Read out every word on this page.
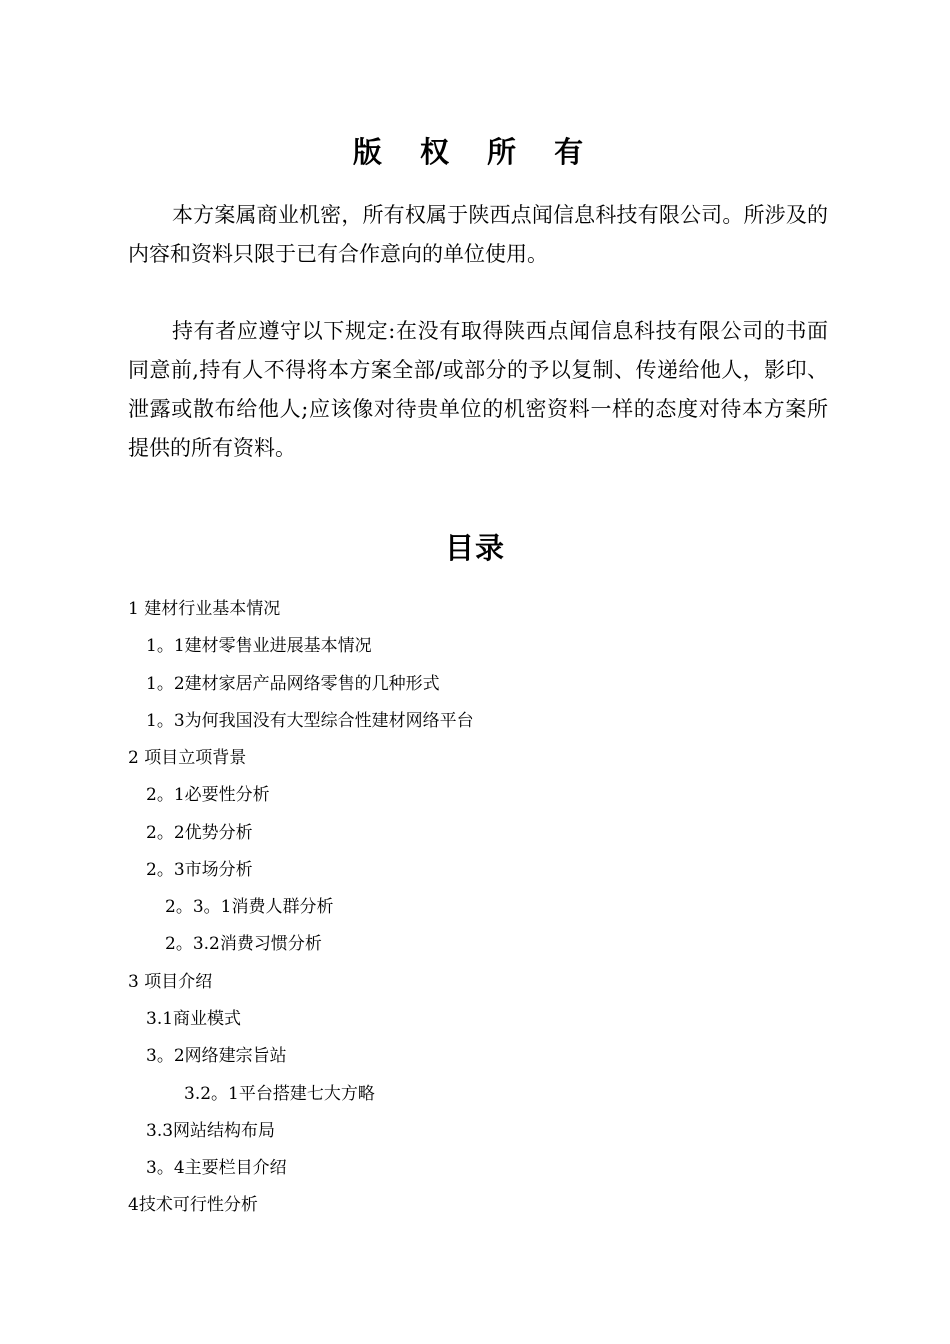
版 权 所 有
本方案属商业机密，所有权属于陕西点闻信息科技有限公司。所涉及的内容和资料只限于已有合作意向的单位使用。
持有者应遵守以下规定:在没有取得陕西点闻信息科技有限公司的书面同意前,持有人不得将本方案全部/或部分的予以复制、传递给他人，影印、泄露或散布给他人;应该像对待贵单位的机密资料一样的态度对待本方案所提供的所有资料。
目录
1 建材行业基本情况
1。1建材零售业进展基本情况
1。2建材家居产品网络零售的几种形式
1。3为何我国没有大型综合性建材网络平台
2 项目立项背景
2。1必要性分析
2。2优势分析
2。3市场分析
2。3。1消费人群分析
2。3.2消费习惯分析
3 项目介绍
3.1商业模式
3。2网络建宗旨站
3.2。1平台搭建七大方略
3.3网站结构布局
3。4主要栏目介绍
4技术可行性分析
